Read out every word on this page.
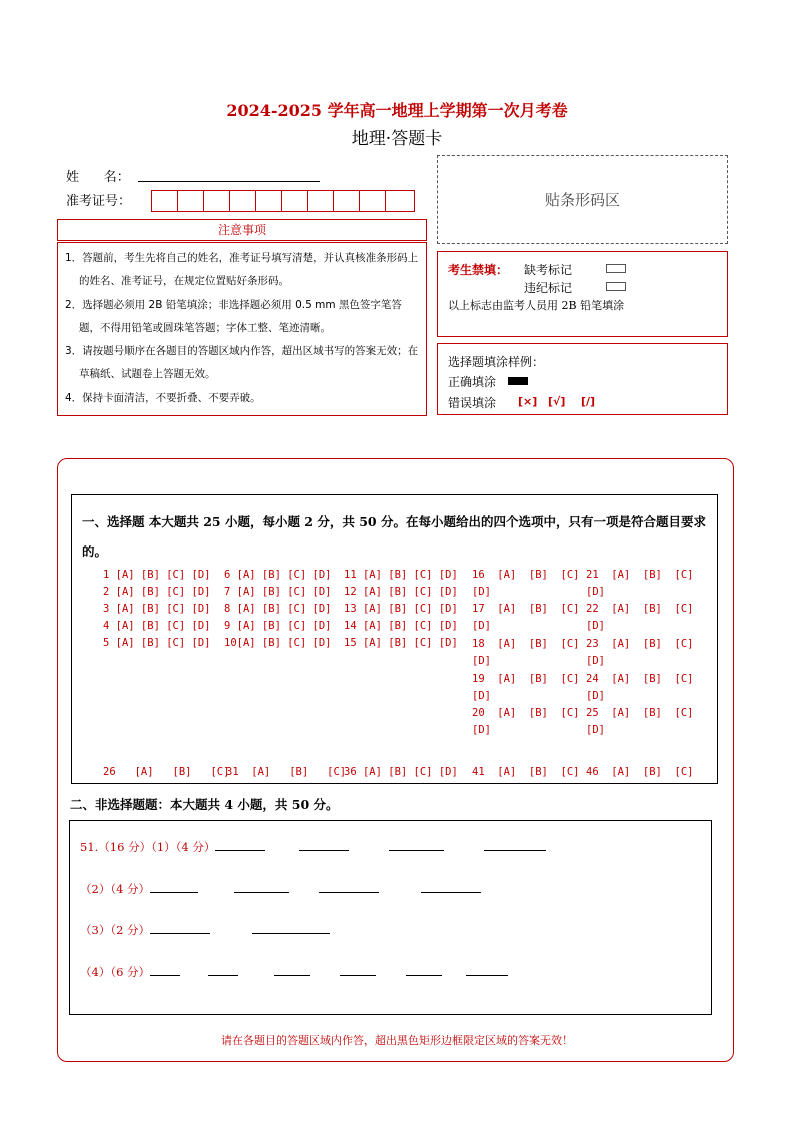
2024-2025 学年高一地理上学期第一次月考卷
地理·答题卡
姓      名：
准考证号：	贴条形码区
注意事项
1．答题前，考生先将自己的姓名，准考证号填写清楚，并认真核准条形码上的姓名、准考证号，在规定位置贴好条形码。
2．选择题必须用 2B 铅笔填涂；非选择题必须用 0.5 mm 黑色签字笔答题，不得用铅笔或圆珠笔答题；字体工整、笔迹清晰。
3．请按题号顺序在各题目的答题区域内作答，超出区域书写的答案无效；在草稿纸、试题卷上答题无效。
4．保持卡面清洁，不要折叠、不要弄破。
考生禁填： 缺考标记
违纪标记
以上标志由监考人员用 2B 铅笔填涂
选择题填涂样例：
正确填涂
错误填涂 [×] [√] [/]
一、选择题 本大题共 25 小题，每小题 2 分，共 50 分。在每小题给出的四个选项中，只有一项是符合题目要求的。
1 [A] [B] [C] [D]
2 [A] [B] [C] [D]
3 [A] [B] [C] [D]
4 [A] [B] [C] [D]
5 [A] [B] [C] [D]
6 [A] [B] [C] [D]
7 [A] [B] [C] [D]
8 [A] [B] [C] [D]
9 [A] [B] [C] [D]
10[A] [B] [C] [D]
11 [A] [B] [C] [D]
12 [A] [B] [C] [D]
13 [A] [B] [C] [D]
14 [A] [B] [C] [D]
15 [A] [B] [C] [D]
16  [A]  [B]  [C]
[D]
17  [A]  [B]  [C]
[D]
18  [A]  [B]  [C]
[D]
19  [A]  [B]  [C]
[D]
20  [A]  [B]  [C]
[D]
21  [A]  [B]  [C]
[D]
22  [A]  [B]  [C]
[D]
23  [A]  [B]  [C]
[D]
24  [A]  [B]  [C]
[D]
25  [A]  [B]  [C]
[D]
26   [A]   [B]   [C]
31  [A]   [B]   [C]
36 [A] [B] [C] [D] 41  [A]  [B]  [C] 46  [A]  [B]  [C]
二、非选择题题：本大题共 4 小题，共 50 分。
51.（16 分）（1）（4 分）
（2）（4 分）
（3）（2 分）
（4）（6 分）
请在各题目的答题区域内作答，超出黑色矩形边框限定区域的答案无效！
